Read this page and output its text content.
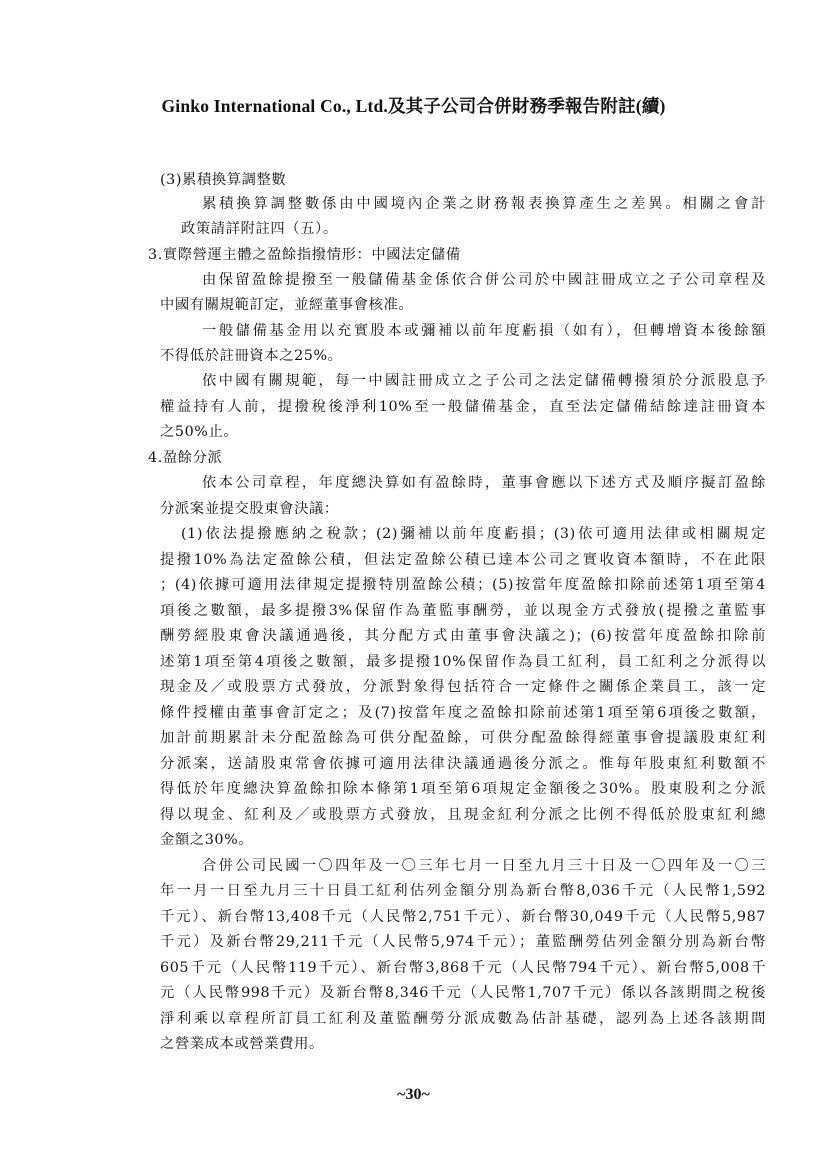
Ginko International Co., Ltd.及其子公司合併財務季報告附註(續)
(3)累積換算調整數
累積換算調整數係由中國境內企業之財務報表換算產生之差異。相關之會計
政策請詳附註四（五）。
3.實際營運主體之盈餘指撥情形：中國法定儲備
由保留盈餘提撥至一般儲備基金係依合併公司於中國註冊成立之子公司章程及
中國有關規範訂定，並經董事會核准。
一般儲備基金用以充實股本或彌補以前年度虧損（如有），但轉增資本後餘額
不得低於註冊資本之25%。
依中國有關規範，每一中國註冊成立之子公司之法定儲備轉撥須於分派股息予
權益持有人前，提撥稅後淨利10%至一般儲備基金，直至法定儲備結餘達註冊資本
之50%止。
4.盈餘分派
依本公司章程，年度總決算如有盈餘時，董事會應以下述方式及順序擬訂盈餘
分派案並提交股東會決議：
(1)依法提撥應納之稅款；(2)彌補以前年度虧損；(3)依可適用法律或相關規定
提撥10%為法定盈餘公積，但法定盈餘公積已達本公司之實收資本額時，不在此限
；(4)依據可適用法律規定提撥特別盈餘公積；(5)按當年度盈餘扣除前述第1項至第4
項後之數額，最多提撥3%保留作為董監事酬勞，並以現金方式發放(提撥之董監事
酬勞經股東會決議通過後，其分配方式由董事會決議之)；(6)按當年度盈餘扣除前
述第1項至第4項後之數額，最多提撥10%保留作為員工紅利，員工紅利之分派得以
現金及／或股票方式發放，分派對象得包括符合一定條件之關係企業員工，該一定
條件授權由董事會訂定之；及(7)按當年度之盈餘扣除前述第1項至第6項後之數額，
加計前期累計未分配盈餘為可供分配盈餘，可供分配盈餘得經董事會提議股東紅利
分派案，送請股東常會依據可適用法律決議通過後分派之。惟每年股東紅利數額不
得低於年度總決算盈餘扣除本條第1項至第6項規定金額後之30%。股東股利之分派
得以現金、紅利及／或股票方式發放，且現金紅利分派之比例不得低於股東紅利總
金額之30%。
合併公司民國一〇四年及一〇三年七月一日至九月三十日及一〇四年及一〇三
年一月一日至九月三十日員工紅利估列金額分別為新台幣8,036千元（人民幣1,592
千元）、新台幣13,408千元（人民幣2,751千元）、新台幣30,049千元（人民幣5,987
千元）及新台幣29,211千元（人民幣5,974千元）；董監酬勞估列金額分別為新台幣
605千元（人民幣119千元）、新台幣3,868千元（人民幣794千元）、新台幣5,008千
元（人民幣998千元）及新台幣8,346千元（人民幣1,707千元）係以各該期間之稅後
淨利乘以章程所訂員工紅利及董監酬勞分派成數為估計基礎，認列為上述各該期間
之營業成本或營業費用。
~30~
